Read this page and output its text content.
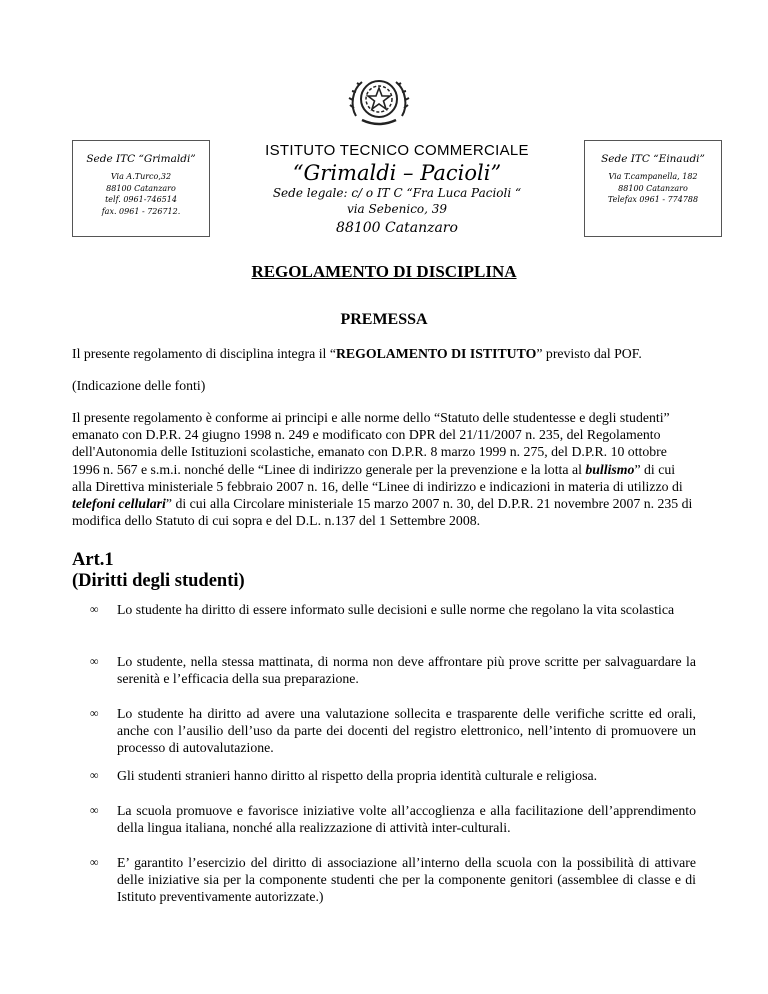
Sede ITC “Grimaldi”
Via A.Turco,32
88100 Catanzaro
telf. 0961-746514
fax. 0961 - 726712.
ISTITUTO TECNICO COMMERCIALE
“Grimaldi – Pacioli”
Sede legale: c/ o IT C “Fra Luca Pacioli “
via Sebenico, 39
88100 Catanzaro
Sede ITC “Einaudi”
Via T.campanella, 182
88100 Catanzaro
Telefax 0961 - 774788
REGOLAMENTO DI DISCIPLINA
PREMESSA
Il presente regolamento di disciplina integra il “REGOLAMENTO DI ISTITUTO” previsto dal POF.
(Indicazione delle fonti)
Il presente regolamento è conforme ai principi e alle norme dello “Statuto delle studentesse e degli studenti” emanato con D.P.R. 24 giugno 1998 n. 249 e modificato con DPR del 21/11/2007 n. 235, del Regolamento dell'Autonomia delle Istituzioni scolastiche, emanato con D.P.R. 8 marzo 1999 n. 275, del D.P.R. 10 ottobre 1996 n. 567 e s.m.i. nonché delle “Linee di indirizzo generale per la prevenzione e la lotta al bullismo” di cui alla Direttiva ministeriale 5 febbraio 2007 n. 16, delle “Linee di indirizzo e indicazioni in materia di utilizzo di telefoni cellulari” di cui alla Circolare ministeriale 15 marzo 2007 n. 30, del D.P.R. 21 novembre 2007 n. 235 di modifica dello Statuto di cui sopra e del D.L. n.137 del 1 Settembre 2008.
Art.1
(Diritti degli studenti)
∞ Lo studente ha diritto di essere informato sulle decisioni e sulle norme che regolano la vita scolastica
∞ Lo studente, nella stessa mattinata, di norma non deve affrontare più prove scritte per salvaguardare la serenità e l’efficacia della sua preparazione.
∞ Lo studente ha diritto ad avere una valutazione sollecita e trasparente delle verifiche scritte ed orali, anche con l’ausilio dell’uso da parte dei docenti del registro elettronico, nell’intento di promuovere un processo di autovalutazione.
∞ Gli studenti stranieri hanno diritto al rispetto della propria identità culturale e religiosa.
∞ La scuola promuove e favorisce iniziative volte all’accoglienza e alla facilitazione dell’apprendimento della lingua italiana, nonché alla realizzazione di attività inter-culturali.
∞ E’ garantito l’esercizio del diritto di associazione all’interno della scuola con la possibilità di attivare delle iniziative sia per la componente studenti che per la componente genitori (assemblee di classe e di Istituto preventivamente autorizzate.)
